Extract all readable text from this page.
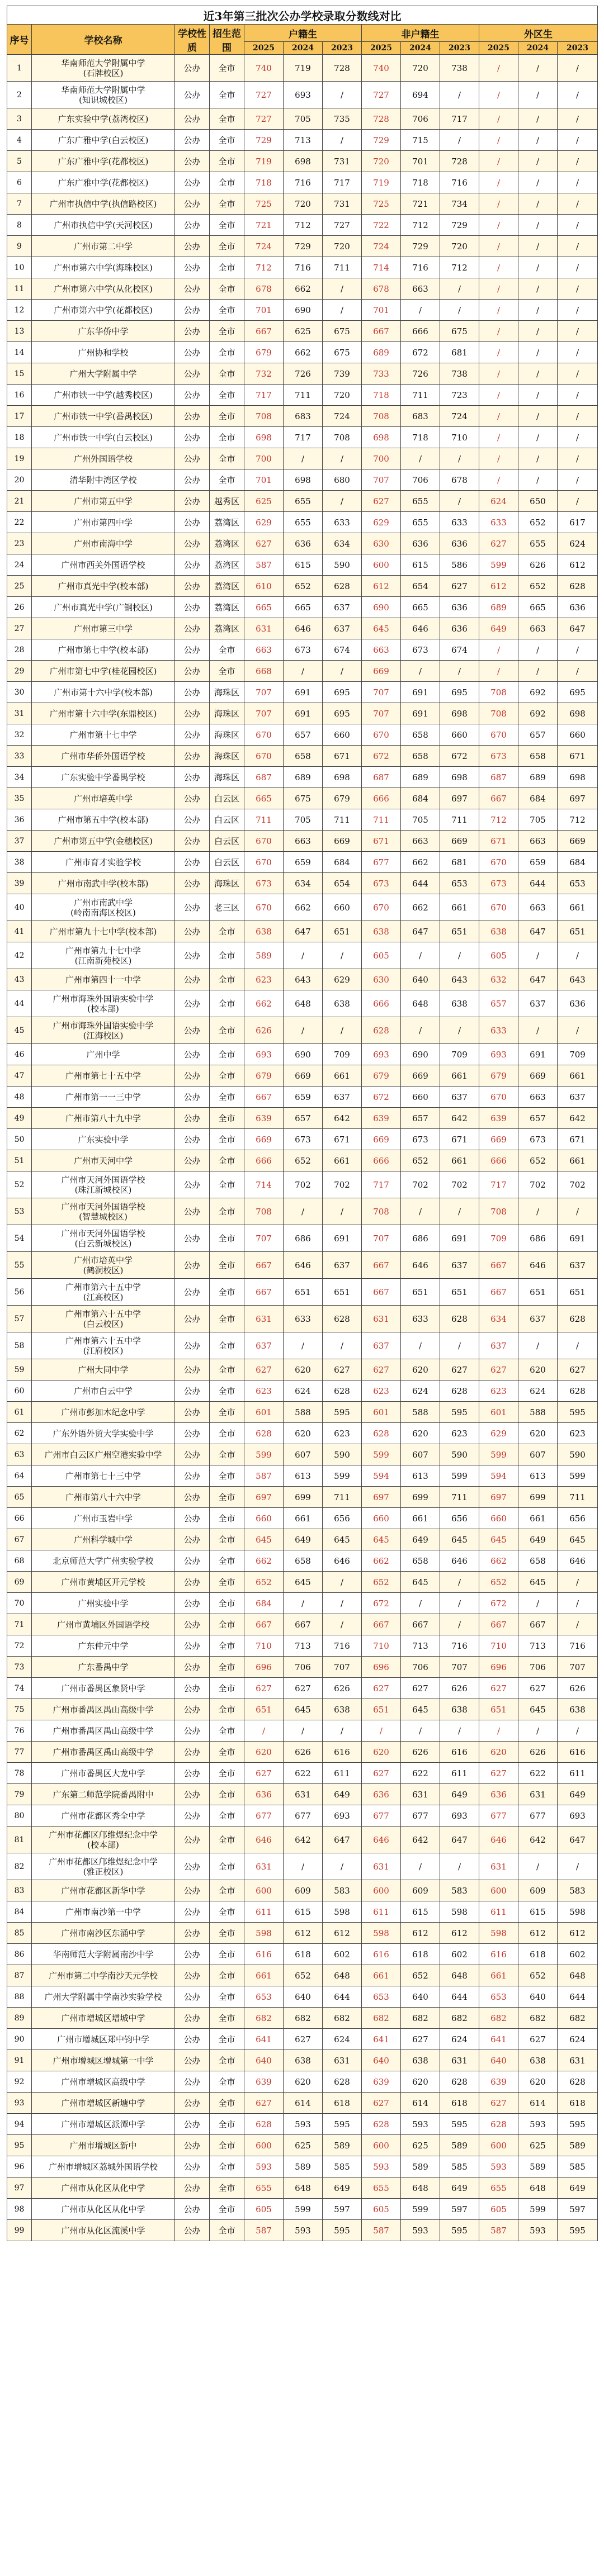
近3年第三批次公办学校录取分数线对比												
序号	学校名称	学校性质	招生范围	户籍生			非户籍生			外区生		
				2025	2024	2023	2025	2024	2023	2025	2024	2023
1	华南师范大学附属中学
(石牌校区)	公办	全市	740	719	728	740	720	738	/	/	/
2	华南师范大学附属中学
(知识城校区)	公办	全市	727	693	/	727	694	/	/	/	/
3	广东实验中学(荔湾校区)	公办	全市	727	705	735	728	706	717	/	/	/
4	广东广雅中学(白云校区)	公办	全市	729	713	/	729	715	/	/	/	/
5	广东广雅中学(花都校区)	公办	全市	719	698	731	720	701	728	/	/	/
6	广东广雅中学(花都校区)	公办	全市	718	716	717	719	718	716	/	/	/
7	广州市执信中学(执信路校区)	公办	全市	725	720	731	725	721	734	/	/	/
8	广州市执信中学(天河校区)	公办	全市	721	712	727	722	712	729	/	/	/
9	广州市第二中学	公办	全市	724	729	720	724	729	720	/	/	/
10	广州市第六中学(海珠校区)	公办	全市	712	716	711	714	716	712	/	/	/
11	广州市第六中学(从化校区)	公办	全市	678	662	/	678	663	/	/	/	/
12	广州市第六中学(花都校区)	公办	全市	701	690	/	701	/	/	/	/	/
13	广东华侨中学	公办	全市	667	625	675	667	666	675	/	/	/
14	广州协和学校	公办	全市	679	662	675	689	672	681	/	/	/
15	广州大学附属中学	公办	全市	732	726	739	733	726	738	/	/	/
16	广州市铁一中学(越秀校区)	公办	全市	717	711	720	718	711	723	/	/	/
17	广州市铁一中学(番禺校区)	公办	全市	708	683	724	708	683	724	/	/	/
18	广州市铁一中学(白云校区)	公办	全市	698	717	708	698	718	710	/	/	/
19	广州外国语学校	公办	全市	700	/	/	700	/	/	/	/	/
20	清华附中湾区学校	公办	全市	701	698	680	707	706	678	/	/	/
21	广州市第五中学	公办	越秀区	625	655	/	627	655	/	624	650	/
22	广州市第四中学	公办	荔湾区	629	655	633	629	655	633	633	652	617
23	广州市南海中学	公办	荔湾区	627	636	634	630	636	636	627	655	624
24	广州市西关外国语学校	公办	荔湾区	587	615	590	600	615	586	599	626	612
25	广州市真光中学(校本部)	公办	荔湾区	610	652	628	612	654	627	612	652	628
26	广州市真光中学(广钢校区)	公办	荔湾区	665	665	637	690	665	636	689	665	636
27	广州市第三中学	公办	荔湾区	631	646	637	645	646	636	649	663	647
28	广州市第七中学(校本部)	公办	全市	663	673	674	663	673	674	/	/	/
29	广州市第七中学(桂花园校区)	公办	全市	668	/	/	669	/	/	/	/	/
30	广州市第十六中学(校本部)	公办	海珠区	707	691	695	707	691	695	708	692	695
31	广州市第十六中学(东鼎校区)	公办	海珠区	707	691	695	707	691	698	708	692	698
32	广州市第十七中学	公办	海珠区	670	657	660	670	658	660	670	657	660
33	广州市华侨外国语学校	公办	海珠区	670	658	671	672	658	672	673	658	671
34	广东实验中学番禺学校	公办	海珠区	687	689	698	687	689	698	687	689	698
35	广州市培英中学	公办	白云区	665	675	679	666	684	697	667	684	697
36	广州市第五中学(校本部)	公办	白云区	711	705	711	711	705	711	712	705	712
37	广州市第五中学(金穗校区)	公办	白云区	670	663	669	671	663	669	671	663	669
38	广州市育才实验学校	公办	白云区	670	659	684	677	662	681	670	659	684
39	广州市南武中学(校本部)	公办	海珠区	673	634	654	673	644	653	673	644	653
40	广州市南武中学
(岭南南海区校区)	公办	老三区	670	662	660	670	662	661	670	663	661
41	广州市第九十七中学(校本部)	公办	全市	638	647	651	638	647	651	638	647	651
42	广州市第九十七中学
(江南新苑校区)	公办	全市	589	/	/	605	/	/	605	/	/
43	广州市第四十一中学	公办	全市	623	643	629	630	640	643	632	647	643
44	广州市海珠外国语实验中学
(校本部)	公办	全市	662	648	638	666	648	638	657	637	636
45	广州市海珠外国语实验中学
(江海校区)	公办	全市	626	/	/	628	/	/	633	/	/
46	广州中学	公办	全市	693	690	709	693	690	709	693	691	709
47	广州市第七十五中学	公办	全市	679	669	661	679	669	661	679	669	661
48	广州市第一一三中学	公办	全市	667	659	637	672	660	637	670	663	637
49	广州市第八十九中学	公办	全市	639	657	642	639	657	642	639	657	642
50	广东实验中学	公办	全市	669	673	671	669	673	671	669	673	671
51	广州市天河中学	公办	全市	666	652	661	666	652	661	666	652	661
52	广州市天河外国语学校
(珠江新城校区)	公办	全市	714	702	702	717	702	702	717	702	702
53	广州市天河外国语学校
(智慧城校区)	公办	全市	708	/	/	708	/	/	708	/	/
54	广州市天河外国语学校
(白云新城校区)	公办	全市	707	686	691	707	686	691	709	686	691
55	广州市培英中学
(鹤洞校区)	公办	全市	667	646	637	667	646	637	667	646	637
56	广州市第六十五中学
(江高校区)	公办	全市	667	651	651	667	651	651	667	651	651
57	广州市第六十五中学
(白云校区)	公办	全市	631	633	628	631	633	628	634	637	628
58	广州市第六十五中学
(江府校区)	公办	全市	637	/	/	637	/	/	637	/	/
59	广州大同中学	公办	全市	627	620	627	627	620	627	627	620	627
60	广州市白云中学	公办	全市	623	624	628	623	624	628	623	624	628
61	广州市彭加木纪念中学	公办	全市	601	588	595	601	588	595	601	588	595
62	广东外语外贸大学实验中学	公办	全市	628	620	623	628	620	623	629	620	623
63	广州市白云区广州空港实验中学	公办	全市	599	607	590	599	607	590	599	607	590
64	广州市第七十三中学	公办	全市	587	613	599	594	613	599	594	613	599
65	广州市第八十六中学	公办	全市	697	699	711	697	699	711	697	699	711
66	广州市玉岩中学	公办	全市	660	661	656	660	661	656	660	661	656
67	广州科学城中学	公办	全市	645	649	645	645	649	645	645	649	645
68	北京师范大学广州实验学校	公办	全市	662	658	646	662	658	646	662	658	646
69	广州市黄埔区开元学校	公办	全市	652	645	/	652	645	/	652	645	/
70	广州实验中学	公办	全市	684	/	/	672	/	/	672	/	/
71	广州市黄埔区外国语学校	公办	全市	667	667	/	667	667	/	667	667	/
72	广东仲元中学	公办	全市	710	713	716	710	713	716	710	713	716
73	广东番禺中学	公办	全市	696	706	707	696	706	707	696	706	707
74	广州市番禺区象贤中学	公办	全市	627	627	626	627	627	626	627	627	626
75	广州市番禺区禺山高级中学	公办	全市	651	645	638	651	645	638	651	645	638
76	广州市番禺区禺山高级中学	公办	全市	/	/	/	/	/	/	/	/	/
77	广州市番禺区禹山高级中学	公办	全市	620	626	616	620	626	616	620	626	616
78	广州市番禺区大龙中学	公办	全市	627	622	611	627	622	611	627	622	611
79	广东第二师范学院番禺附中	公办	全市	636	631	649	636	631	649	636	631	649
80	广州市花都区秀全中学	公办	全市	677	677	693	677	677	693	677	677	693
81	广州市花都区邝维煜纪念中学
(校本部)	公办	全市	646	642	647	646	642	647	646	642	647
82	广州市花都区邝维煜纪念中学
(雅正校区)	公办	全市	631	/	/	631	/	/	631	/	/
83	广州市花都区新华中学	公办	全市	600	609	583	600	609	583	600	609	583
84	广州市南沙第一中学	公办	全市	611	615	598	611	615	598	611	615	598
85	广州市南沙区东涌中学	公办	全市	598	612	612	598	612	612	598	612	612
86	华南师范大学附属南沙中学	公办	全市	616	618	602	616	618	602	616	618	602
87	广州市第二中学南沙天元学校	公办	全市	661	652	648	661	652	648	661	652	648
88	广州大学附属中学南沙实验学校	公办	全市	653	640	644	653	640	644	653	640	644
89	广州市增城区增城中学	公办	全市	682	682	682	682	682	682	682	682	682
90	广州市增城区郑中钧中学	公办	全市	641	627	624	641	627	624	641	627	624
91	广州市增城区增城第一中学	公办	全市	640	638	631	640	638	631	640	638	631
92	广州市增城区高级中学	公办	全市	639	620	628	639	620	628	639	620	628
93	广州市增城区新塘中学	公办	全市	627	614	618	627	614	618	627	614	618
94	广州市增城区派潭中学	公办	全市	628	593	595	628	593	595	628	593	595
95	广州市增城区新中	公办	全市	600	625	589	600	625	589	600	625	589
96	广州市增城区荔城外国语学校	公办	全市	593	589	585	593	589	585	593	589	585
97	广州市从化区从化中学	公办	全市	655	648	649	655	648	649	655	648	649
98	广州市从化区从化中学	公办	全市	605	599	597	605	599	597	605	599	597
99	广州市从化区流溪中学	公办	全市	587	593	595	587	593	595	587	593	595
